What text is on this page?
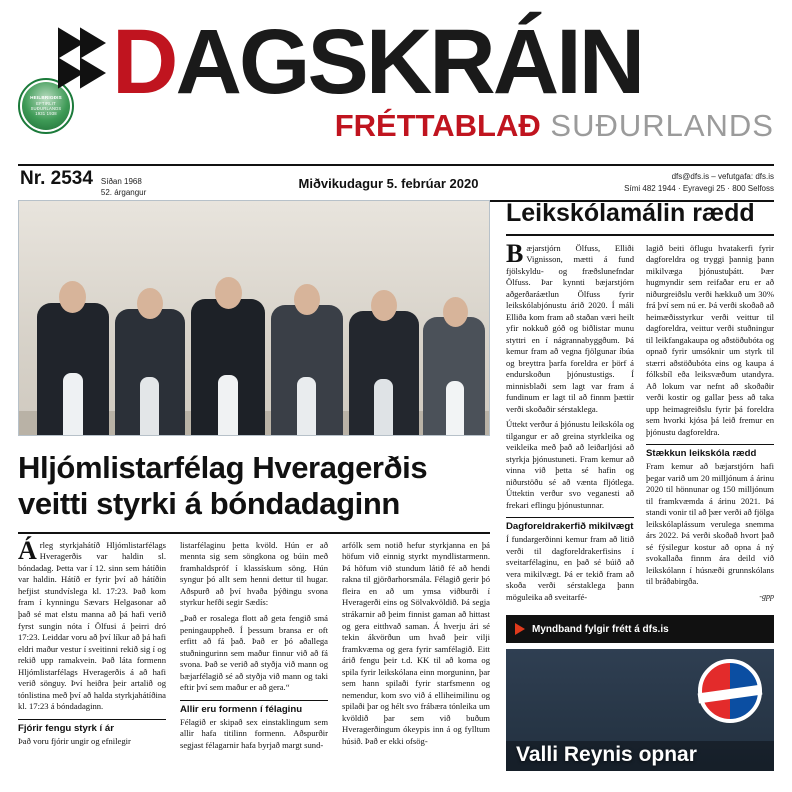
HEILBRIGÐIS
EFTIRLIT
SUÐURLANDS
1931 1938
DAGSKRÁIN
FRÉTTABLAÐ SUÐURLANDS
Nr. 2534 Síðan 1968
52. árgangur
Miðvikudagur 5. febrúar 2020	dfs@dfs.is – vefutgafa: dfs.is
Sími 482 1944 · Eyravegi 25 · 800 Selfoss
Hljómlistarfélag Hveragerðis veitti styrki á bóndadaginn

Árleg styrkjahátíð Hljómlistarfélags Hveragerðis var haldin sl. bóndadag. Þetta var í 12. sinn sem hátíðin var haldin. Hátíð er fyrir því að hátíðin hefjist stundvíslega kl. 17:23. Það kom fram í kynningu Sævars Helgasonar að það sé mat elstu manna að þá hafi verið fyrst sungin nóta í Ölfusi á þeirri dró 17:23. Leiddar voru að því líkur að þá hafi eldri maður vestur í sveitinni rekið sig í og rekið upp ramakvein. Það láta formenn Hljómlistarfélags Hveragerðis á að hafi verið sönguу. Því heiðra þeir artalið og tónlistina með því að halda styrkjahátíðina kl. 17:23 á bóndadaginn.

Fjórir fengu styrk í ár

Það voru fjórir ungir og efnilegir

listarfélaginu þetta kvöld. Hún er að mennta sig sem söngkona og búin með framhaldspróf í klassískum söng. Hún syngur þó allt sem henni dettur til hugar. Aðspurð að því hvaða þýðingu svona styrkur hefði segir Sædís:

„Það er rosalega flott að geta fengið smá peningauppheð. Í þessum bransa er oft erfitt að fá það. Það er þó aðallega stuðningurinn sem maður finnur við að fá svona. Það se verið að styðja við mann og bæjarfélagið sé að styðja við mann og taki eftir því sem maður er að gera.“

Allir eru formenn í félaginu

Félagið er skipað sex einstaklingum sem allir hafa titilinn formenn. Aðspurðir segjast félagarnir hafa byrjað margt sund-

arfólk sem notið hefur styrkjanna en þá höfum við einnig styrkt myndlistarmenn. Þá höfum við stundum látið fé að hendi rakna til gjörðarhorsmála. Félagið gerir þó fleira en að um ymsa viðburði í Hveragerði eins og Sölvakvöldið. Þá segja strákarnir að þeim finnist gaman að hittast og gera eitthvað saman. Á hverju ári sé tekin ákvörðun um hvað þeir vilji framkvæma og gera fyrir samfélagið. Eitt árið fengu þeir t.d. KK til að koma og spila fyrir leikskólana einn morguninn, þar sem hann spilaði fyrir starfsmenn og nemendur, kom svo við á elliheimilinu og spilaði þar og hélt svo frábæra tónleika um kvöldið þar sem við buðum Hveragerðingum ókeypis inn á og fylltum húsið. Það er ekki ofsög-

Leikskólamálin rædd

Bæjarstjórn Ölfuss, Elliði Vignisson, mætti á fund fjölskyldu- og fræðslunefndar Ölfuss. Þar kynnti bæjarstjórn aðgerðaráætlun Ölfuss fyrir leikskólabjónustu árið 2020. Í máli Elliða kom fram að staðan væri heilt yfir nokkuð góð og biðlistar munu styttri en í nágrannabyggðum. Þá kemur fram að vegna fjölgunar íbúa og breyttra þarfa foreldra er þörf á endurskoðun þjónustustigs. Í minnisblaði sem lagt var fram á fundinum er lagt til að finnm þættir verði skoðaðir sérstaklega.

Úttekt verður á þjónustu leikskóla og tilgangur er að greina styrkleika og veikleika með það að leiðarljósi að styrkja þjónustuneti. Fram kemur að vinna við þetta sé hafin og niðurstöðu sé að vænta fljótlega. Úttektin verður svo veganesti að frekari eflingu þjónustunnar.

Dagforeldrakerfið mikilvægt

Í fundargerðinni kemur fram að litið verði til dagforeldrakerfisins í sveitarfélaginu, en það sé búið að vera mikilvægt. Þá er tekið fram að skoða verði sérstaklega þann möguleika að sveitarfé-

lagið beiti öflugu hvatakerfi fyrir dagforeldra og tryggi þannig þann mikilvæga þjónustuþátt. Þær hugmyndir sem reifaðar eru er að niðurgreiðslu verði hækkuð um 30% frá því sem nú er. Þá verði skoðað að heimæðisstyrkur verði veittur til dagforeldra, veittur verði stuðningur til leikfangakaupa og aðstöðubóta og opnað fyrir umsóknir um styrk til stærri aðstöðubóta eins og kaupa á fólksbíl eða leiksvæðum utandyra. Að lokum var nefnt að skoðaðir verði kostir og gallar þess að taka upp heimagreiðslu fyrir þá foreldra sem hvorki kjósa þá leið fremur en þjónustu dagforeldra.

Stækkun leikskóla rædd

Fram kemur að bæjarstjórn hafi þegar varið um 20 milljónum á árinu 2020 til hönnunar og 150 milljónum til framkvæmda á árinu 2021. Þá standi vonir til að þær verði að fjölga leikskólaplássum verulega snemma árs 2022. Þá verði skoðað hvort það sé fýsilegur kostur að opna á ný svokallaða finnm ára deild við leikskólann í húsnæði grunnskólans til bráðabirgða.

-gpp
Myndband fylgir frétt á dfs.is
Valli Reynis opnar
